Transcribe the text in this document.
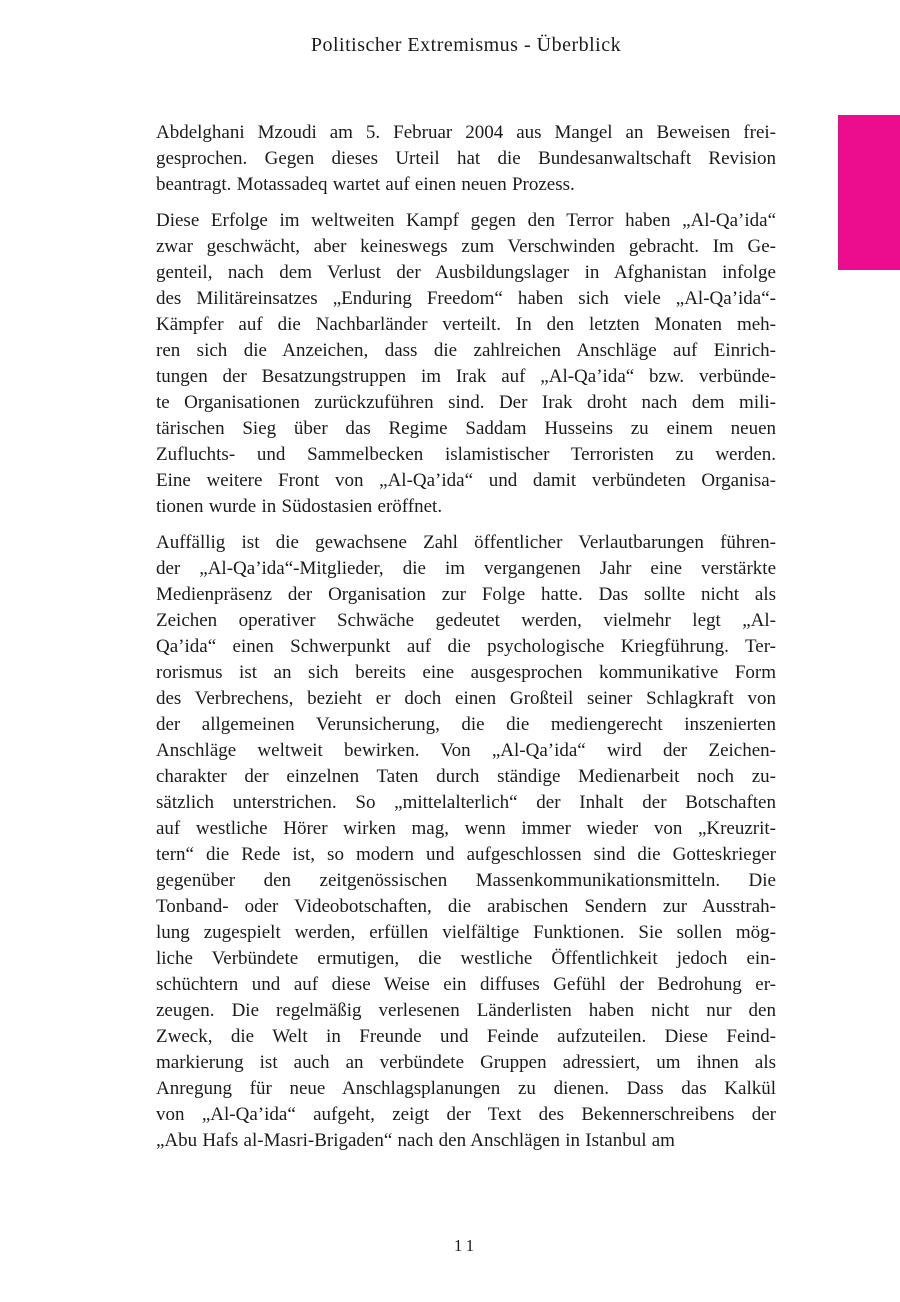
Politischer Extremismus - Überblick
Abdelghani Mzoudi am 5. Februar 2004 aus Mangel an Beweisen frei-
gesprochen. Gegen dieses Urteil hat die Bundesanwaltschaft Revision
beantragt. Motassadeq wartet auf einen neuen Prozess.
Diese Erfolge im weltweiten Kampf gegen den Terror haben „Al-Qa’ida“
zwar geschwächt, aber keineswegs zum Verschwinden gebracht. Im Ge-
genteil, nach dem Verlust der Ausbildungslager in Afghanistan infolge
des Militäreinsatzes „Enduring Freedom“ haben sich viele „Al-Qa’ida“-
Kämpfer auf die Nachbarländer verteilt. In den letzten Monaten meh-
ren sich die Anzeichen, dass die zahlreichen Anschläge auf Einrich-
tungen der Besatzungstruppen im Irak auf „Al-Qa’ida“ bzw. verbünde-
te Organisationen zurückzuführen sind. Der Irak droht nach dem mili-
tärischen Sieg über das Regime Saddam Husseins zu einem neuen
Zufluchts- und Sammelbecken islamistischer Terroristen zu werden.
Eine weitere Front von „Al-Qa’ida“ und damit verbündeten Organisa-
tionen wurde in Südostasien eröffnet.
Auffällig ist die gewachsene Zahl öffentlicher Verlautbarungen führen-
der „Al-Qa’ida“-Mitglieder, die im vergangenen Jahr eine verstärkte
Medienpräsenz der Organisation zur Folge hatte. Das sollte nicht als
Zeichen operativer Schwäche gedeutet werden, vielmehr legt „Al-
Qa’ida“ einen Schwerpunkt auf die psychologische Kriegführung. Ter-
rorismus ist an sich bereits eine ausgesprochen kommunikative Form
des Verbrechens, bezieht er doch einen Großteil seiner Schlagkraft von
der allgemeinen Verunsicherung, die die mediengerecht inszenierten
Anschläge weltweit bewirken. Von „Al-Qa’ida“ wird der Zeichen-
charakter der einzelnen Taten durch ständige Medienarbeit noch zu-
sätzlich unterstrichen. So „mittelalterlich“ der Inhalt der Botschaften
auf westliche Hörer wirken mag, wenn immer wieder von „Kreuzrit-
tern“ die Rede ist, so modern und aufgeschlossen sind die Gotteskrieger
gegenüber den zeitgenössischen Massenkommunikationsmitteln. Die
Tonband- oder Videobotschaften, die arabischen Sendern zur Ausstrah-
lung zugespielt werden, erfüllen vielfältige Funktionen. Sie sollen mög-
liche Verbündete ermutigen, die westliche Öffentlichkeit jedoch ein-
schüchtern und auf diese Weise ein diffuses Gefühl der Bedrohung er-
zeugen. Die regelmäßig verlesenen Länderlisten haben nicht nur den
Zweck, die Welt in Freunde und Feinde aufzuteilen. Diese Feind-
markierung ist auch an verbündete Gruppen adressiert, um ihnen als
Anregung für neue Anschlagsplanungen zu dienen. Dass das Kalkül
von „Al-Qa’ida“ aufgeht, zeigt der Text des Bekennerschreibens der
„Abu Hafs al-Masri-Brigaden“ nach den Anschlägen in Istanbul am
11
